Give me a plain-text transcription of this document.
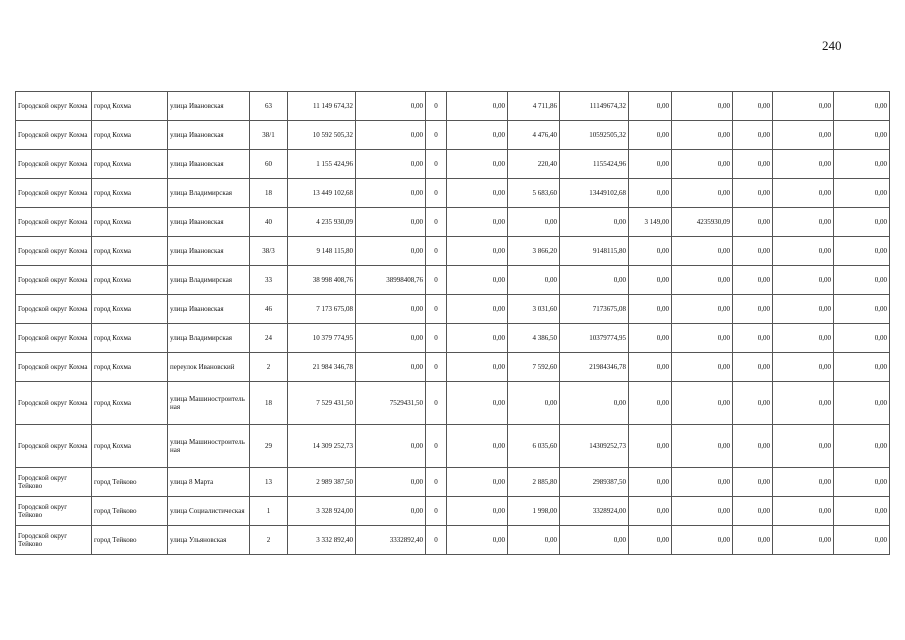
240
Городской округ Кохма	город Кохма	улица Ивановская	63	11 149 674,32	0,00	0	0,00	4 711,86	11149674,32	0,00	0,00	0,00	0,00	0,00
Городской округ Кохма	город Кохма	улица Ивановская	38/1	10 592 505,32	0,00	0	0,00	4 476,40	10592505,32	0,00	0,00	0,00	0,00	0,00
Городской округ Кохма	город Кохма	улица Ивановская	60	1 155 424,96	0,00	0	0,00	220,40	1155424,96	0,00	0,00	0,00	0,00	0,00
Городской округ Кохма	город Кохма	улица Владимирская	18	13 449 102,68	0,00	0	0,00	5 683,60	13449102,68	0,00	0,00	0,00	0,00	0,00
Городской округ Кохма	город Кохма	улица Ивановская	40	4 235 930,09	0,00	0	0,00	0,00	0,00	3 149,00	4235930,09	0,00	0,00	0,00
Городской округ Кохма	город Кохма	улица Ивановская	38/3	9 148 115,80	0,00	0	0,00	3 866,20	9148115,80	0,00	0,00	0,00	0,00	0,00
Городской округ Кохма	город Кохма	улица Владимирская	33	38 998 408,76	38998408,76	0	0,00	0,00	0,00	0,00	0,00	0,00	0,00	0,00
Городской округ Кохма	город Кохма	улица Ивановская	46	7 173 675,08	0,00	0	0,00	3 031,60	7173675,08	0,00	0,00	0,00	0,00	0,00
Городской округ Кохма	город Кохма	улица Владимирская	24	10 379 774,95	0,00	0	0,00	4 386,50	10379774,95	0,00	0,00	0,00	0,00	0,00
Городской округ Кохма	город Кохма	переулок Ивановский	2	21 984 346,78	0,00	0	0,00	7 592,60	21984346,78	0,00	0,00	0,00	0,00	0,00
Городской округ Кохма	город Кохма	улица Машиностроитель ная	18	7 529 431,50	7529431,50	0	0,00	0,00	0,00	0,00	0,00	0,00	0,00	0,00
Городской округ Кохма	город Кохма	улица Машиностроитель ная	29	14 309 252,73	0,00	0	0,00	6 035,60	14309252,73	0,00	0,00	0,00	0,00	0,00
Городской округ Тейково	город Тейково	улица 8 Марта	13	2 989 387,50	0,00	0	0,00	2 885,80	2989387,50	0,00	0,00	0,00	0,00	0,00
Городской округ Тейково	город Тейково	улица Социалистическая	1	3 328 924,00	0,00	0	0,00	1 998,00	3328924,00	0,00	0,00	0,00	0,00	0,00
Городской округ Тейково	город Тейково	улица Ульяновская	2	3 332 892,40	3332892,40	0	0,00	0,00	0,00	0,00	0,00	0,00	0,00	0,00
